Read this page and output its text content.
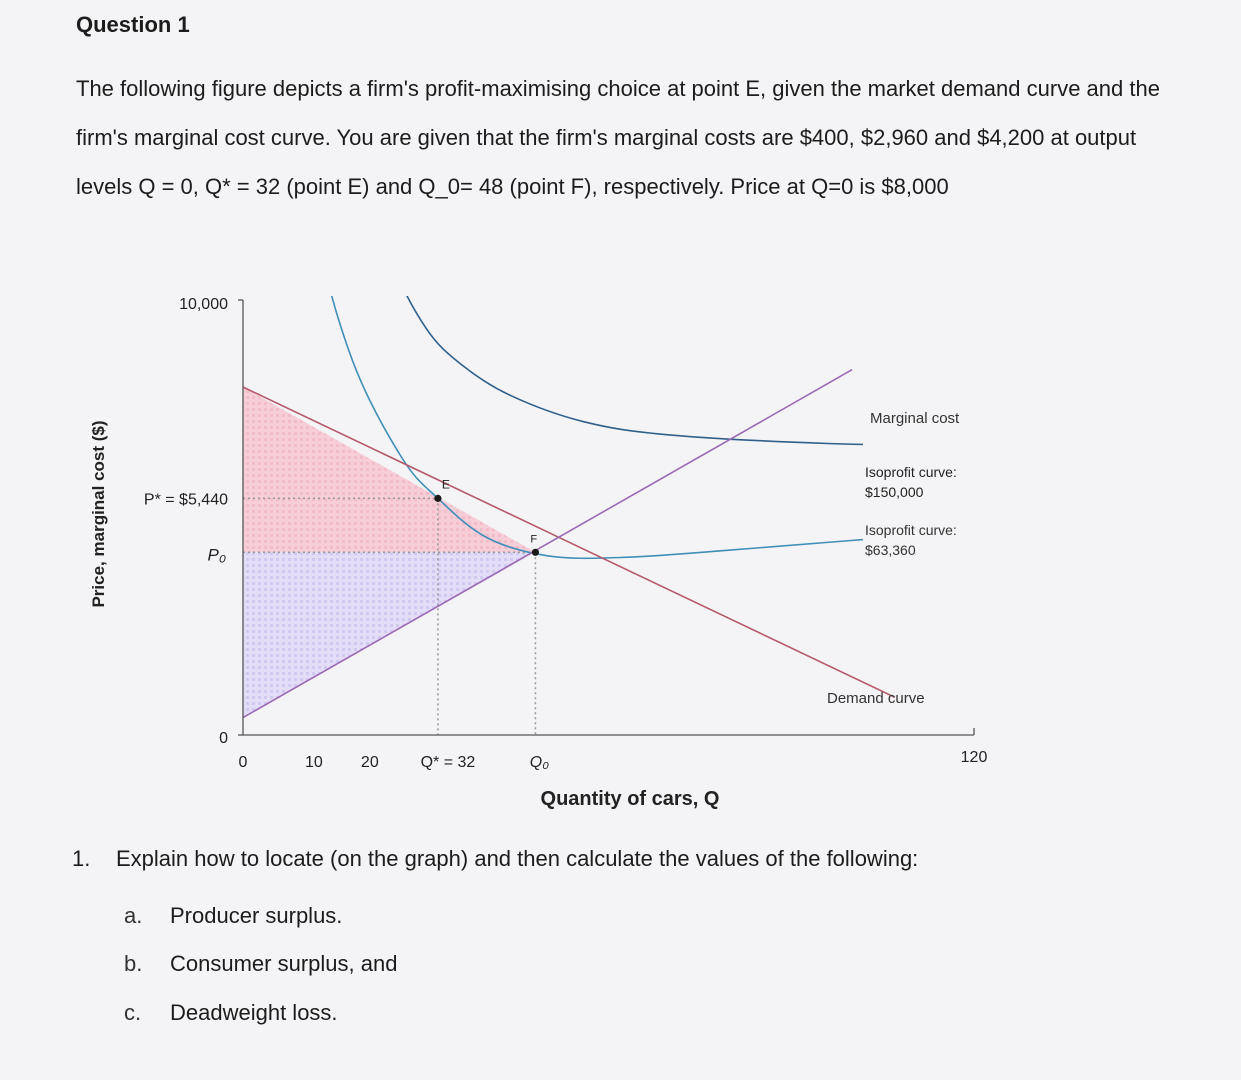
Question 1
The following figure depicts a firm's profit-maximising choice at point E, given the market demand curve and the firm's marginal cost curve. You are given that the firm's marginal costs are $400, $2,960 and $4,200 at output levels Q = 0, Q* = 32 (point E) and Q_0= 48 (point F), respectively. Price at Q=0 is $8,000
E
F
10,000
P* = $5,440
P₀
0
0	10 20	Q* = 32	Q₀	120
Quantity of cars, Q
Price, marginal cost ($)
Marginal cost
Isoprofit curve:
$150,000
Isoprofit curve:
$63,360
Demand curve
1.	Explain how to locate (on the graph) and then calculate the values of the following:
a. Producer surplus.
b. Consumer surplus, and
c. Deadweight loss.
